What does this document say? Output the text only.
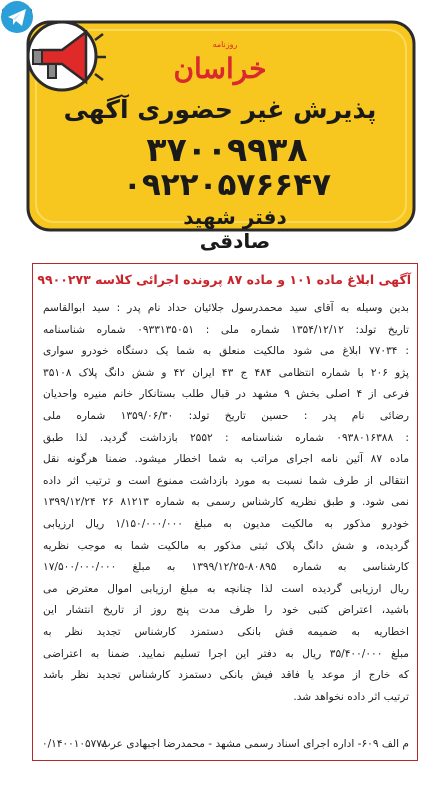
روزنامه
خراسان
پذیرش غیر حضوری آگهی
۳۷۰۰۹۹۳۸
۰۹۲۲۰۵۷۶۶۴۷
دفتر شهید صادقی
آگهی ابلاغ ماده ۱۰۱ و ماده ۸۷ پرونده اجرائی کلاسه ۹۹۰۰۲۷۳
بدین وسیله به آقای سید محمدرسول جلائیان حداد نام پدر : سید ابوالقاسم
تاریخ تولد: ۱۳۵۴/۱۲/۱۲ شماره ملی : ۰۹۳۳۱۳۵۰۵۱ شماره شناسنامه
: ۷۷۰۳۴ ابلاغ می شود مالکیت منعلق به شما یک دستگاه خودرو سواری
پژو ۲۰۶ با شماره انتظامی ۴۸۴ ج ۴۳ ایران ۴۲ و شش دانگ پلاک ۳۵۱۰۸
فرعی از ۴ اصلی بخش ۹ مشهد در قبال طلب بستانکار خانم منیره واحدیان
رضائی نام پدر : حسین تاریخ تولد: ۱۳۵۹/۰۶/۳۰ شماره ملی
: ۰۹۳۸۰۱۶۳۸۸ شماره شناسنامه : ۲۵۵۲ بازداشت گردید. لذا طبق
ماده ۸۷ آئین نامه اجرای مراتب به شما اخطار میشود. ضمنا هرگونه نقل
انتقالی از طرف شما نسبت به مورد بازداشت ممنوع است و ترتیب اثر داده
نمی شود. و طبق نظریه کارشناس رسمی به شماره ۸۱۲۱۳ ۲۶ ۱۳۹۹/۱۲/۲۴
خودرو مذکور به مالکیت مدیون به مبلغ ۱/۱۵۰/۰۰۰/۰۰۰ ریال ارزیابی
گردیده، و شش دانگ پلاک ثبتی مذکور به مالکیت شما به موجب نظریه
کارشناسی به شماره ۸۰۸۹۵-۱۳۹۹/۱۲/۲۵ به مبلغ ۱۷/۵۰۰/۰۰۰/۰۰۰
ریال ارزیابی گردیده است لذا چنانچه به مبلغ ارزیابی اموال معترض می
باشید، اعتراض کتبی خود را ظرف مدت پنج روز از تاریخ انتشار این
اخطاریه به ضمیمه فش بانکی دستمزد کارشناس تجدید نظر به
مبلغ ۳۵/۴۰۰/۰۰۰ ریال به دفتر این اجرا تسلیم نمایید. ضمنا به اعتراضی
که خارج از موعد یا فاقد فیش بانکی دستمزد کارشناس تجدید نظر باشد
ترتیب اثر داده نخواهد شد.
م الف ۶۰۹- اداره اجرای اسناد رسمی مشهد - محمدرضا اجبهادی عرب
۰/۱۴۰۰۱۰۵۷۷۸
